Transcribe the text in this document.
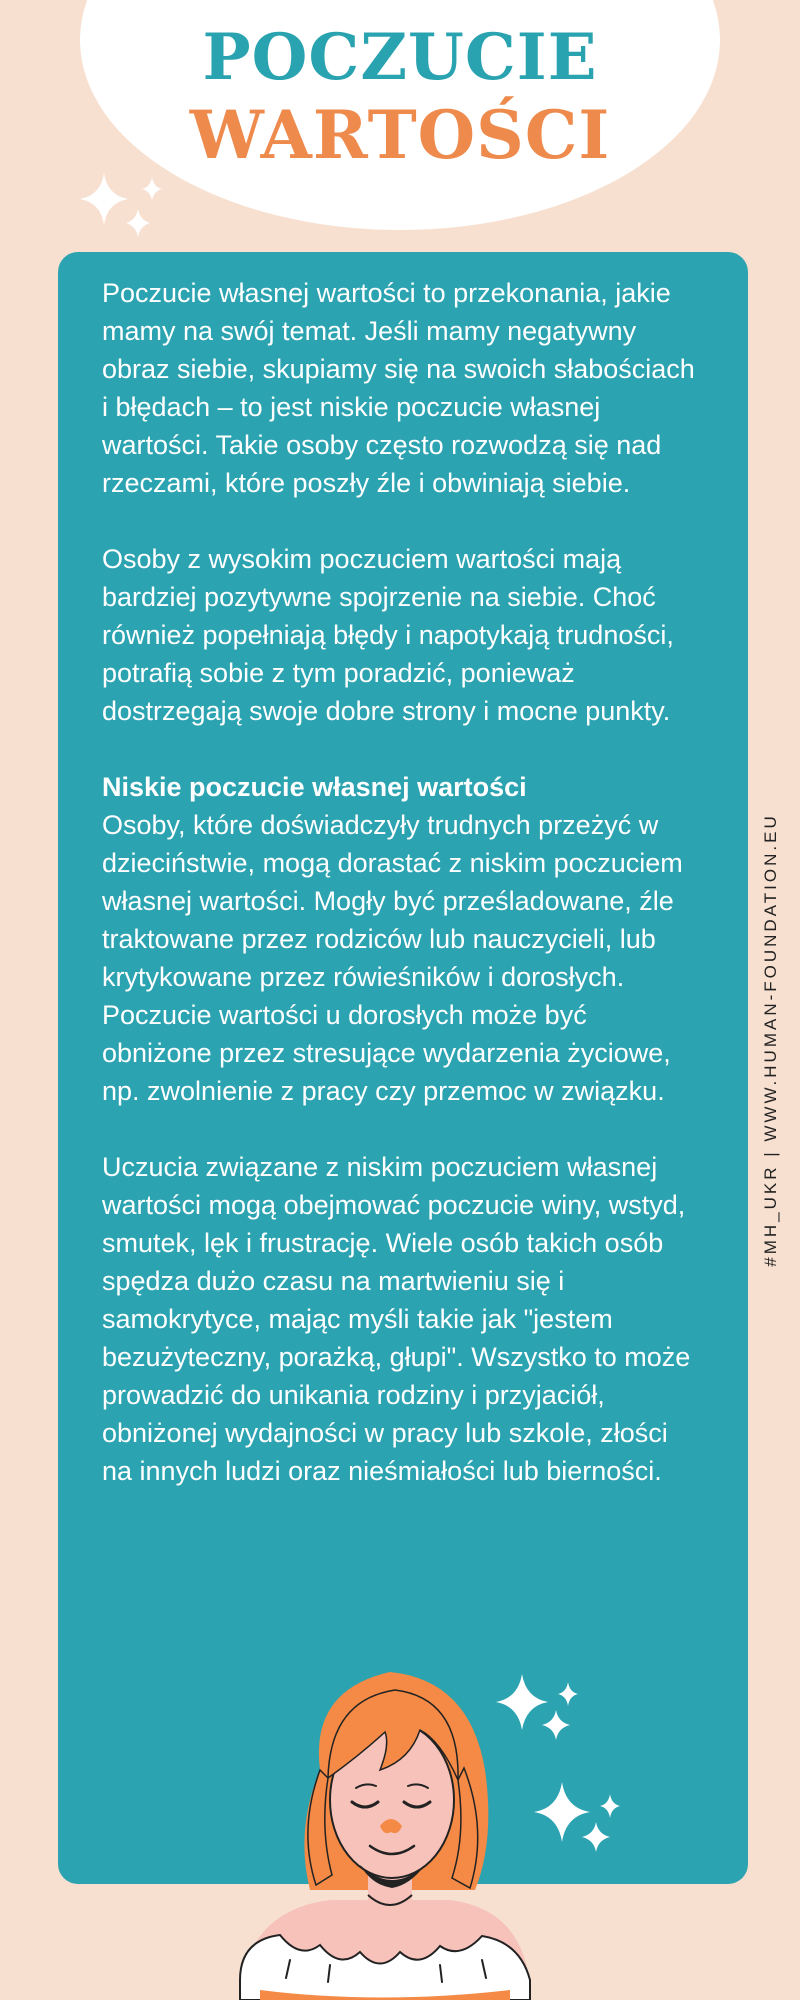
POCZUCIE
WARTOŚCI

Poczucie własnej wartości to przekonania, jakie mamy na swój temat. Jeśli mamy negatywny obraz siebie, skupiamy się na swoich słabościach i błędach – to jest niskie poczucie własnej wartości. Takie osoby często rozwodzą się nad rzeczami, które poszły źle i obwiniają siebie.

Osoby z wysokim poczuciem wartości mają bardziej pozytywne spojrzenie na siebie. Choć również popełniają błędy i napotykają trudności, potrafią sobie z tym poradzić, ponieważ dostrzegają swoje dobre strony i mocne punkty.

Niskie poczucie własnej wartości
Osoby, które doświadczyły trudnych przeżyć w dzieciństwie, mogą dorastać z niskim poczuciem własnej wartości. Mogły być prześladowane, źle traktowane przez rodziców lub nauczycieli, lub krytykowane przez rówieśników i dorosłych. Poczucie wartości u dorosłych może być obniżone przez stresujące wydarzenia życiowe, np. zwolnienie z pracy czy przemoc w związku.

Uczucia związane z niskim poczuciem własnej wartości mogą obejmować poczucie winy, wstyd, smutek, lęk i frustrację. Wiele osób takich osób spędza dużo czasu na martwieniu się i samokrytyce, mając myśli takie jak "jestem bezużyteczny, porażką, głupi". Wszystko to może prowadzić do unikania rodziny i przyjaciół, obniżonej wydajności w pracy lub szkole, złości na innych ludzi oraz nieśmiałości lub bierności.

#MH_UKR | WWW.HUMAN-FOUNDATION.EU
